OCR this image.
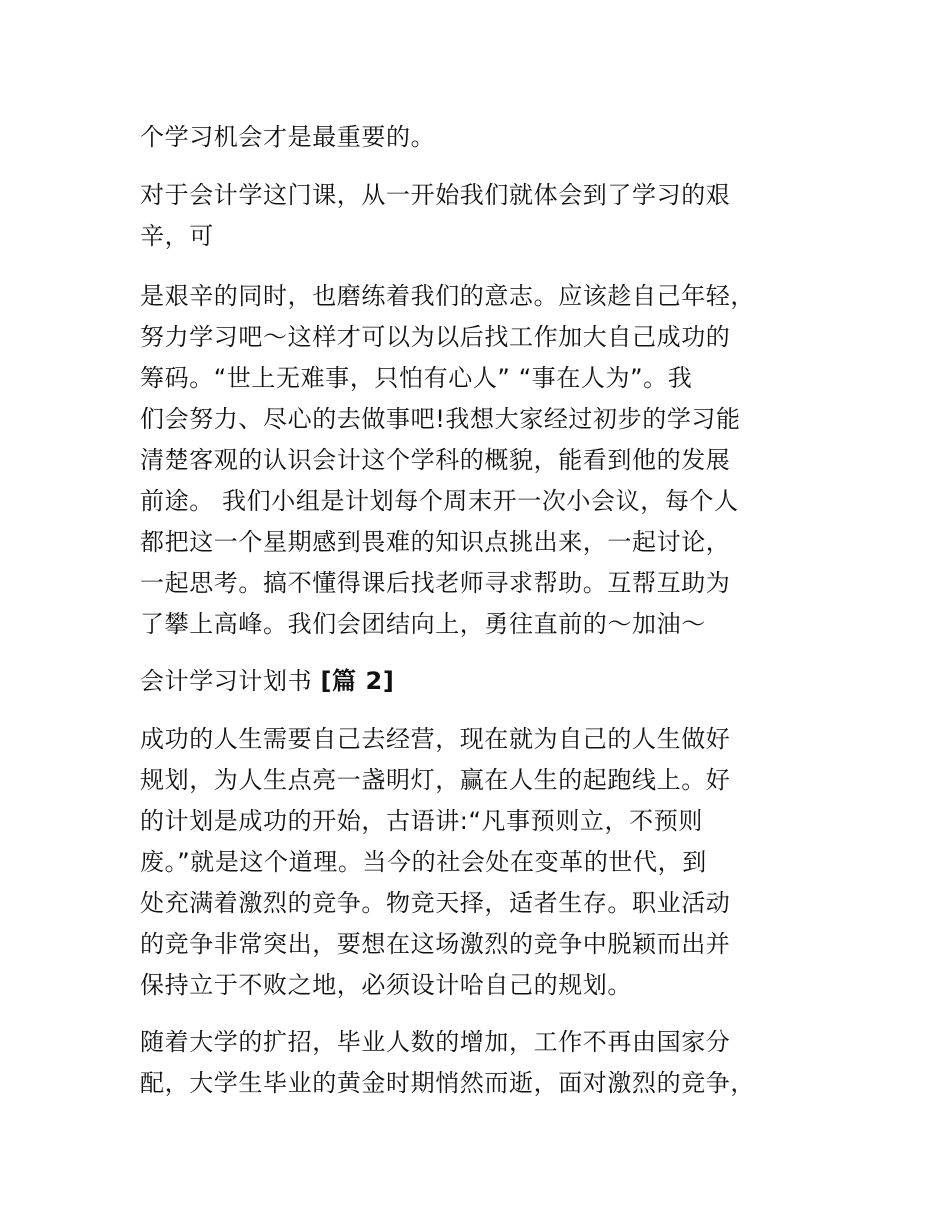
个学习机会才是最重要的。

对于会计学这门课，从一开始我们就体会到了学习的艰
辛，可

是艰辛的同时，也磨练着我们的意志。应该趁自己年轻，
努力学习吧～这样才可以为以后找工作加大自己成功的
筹码。“世上无难事，只怕有心人” “事在人为”。我
们会努力、尽心的去做事吧!我想大家经过初步的学习能
清楚客观的认识会计这个学科的概貌，能看到他的发展
前途。 我们小组是计划每个周末开一次小会议，每个人
都把这一个星期感到畏难的知识点挑出来，一起讨论，
一起思考。搞不懂得课后找老师寻求帮助。互帮互助为
了攀上高峰。我们会团结向上，勇往直前的～加油～

会计学习计划书 [篇 2]

成功的人生需要自己去经营，现在就为自己的人生做好
规划，为人生点亮一盏明灯，赢在人生的起跑线上。好
的计划是成功的开始，古语讲:“凡事预则立，不预则
废。”就是这个道理。当今的社会处在变革的世代，到
处充满着激烈的竞争。物竞天择，适者生存。职业活动
的竞争非常突出，要想在这场激烈的竞争中脱颖而出并
保持立于不败之地，必须设计哈自己的规划。

随着大学的扩招，毕业人数的增加，工作不再由国家分
配，大学生毕业的黄金时期悄然而逝，面对激烈的竞争，
